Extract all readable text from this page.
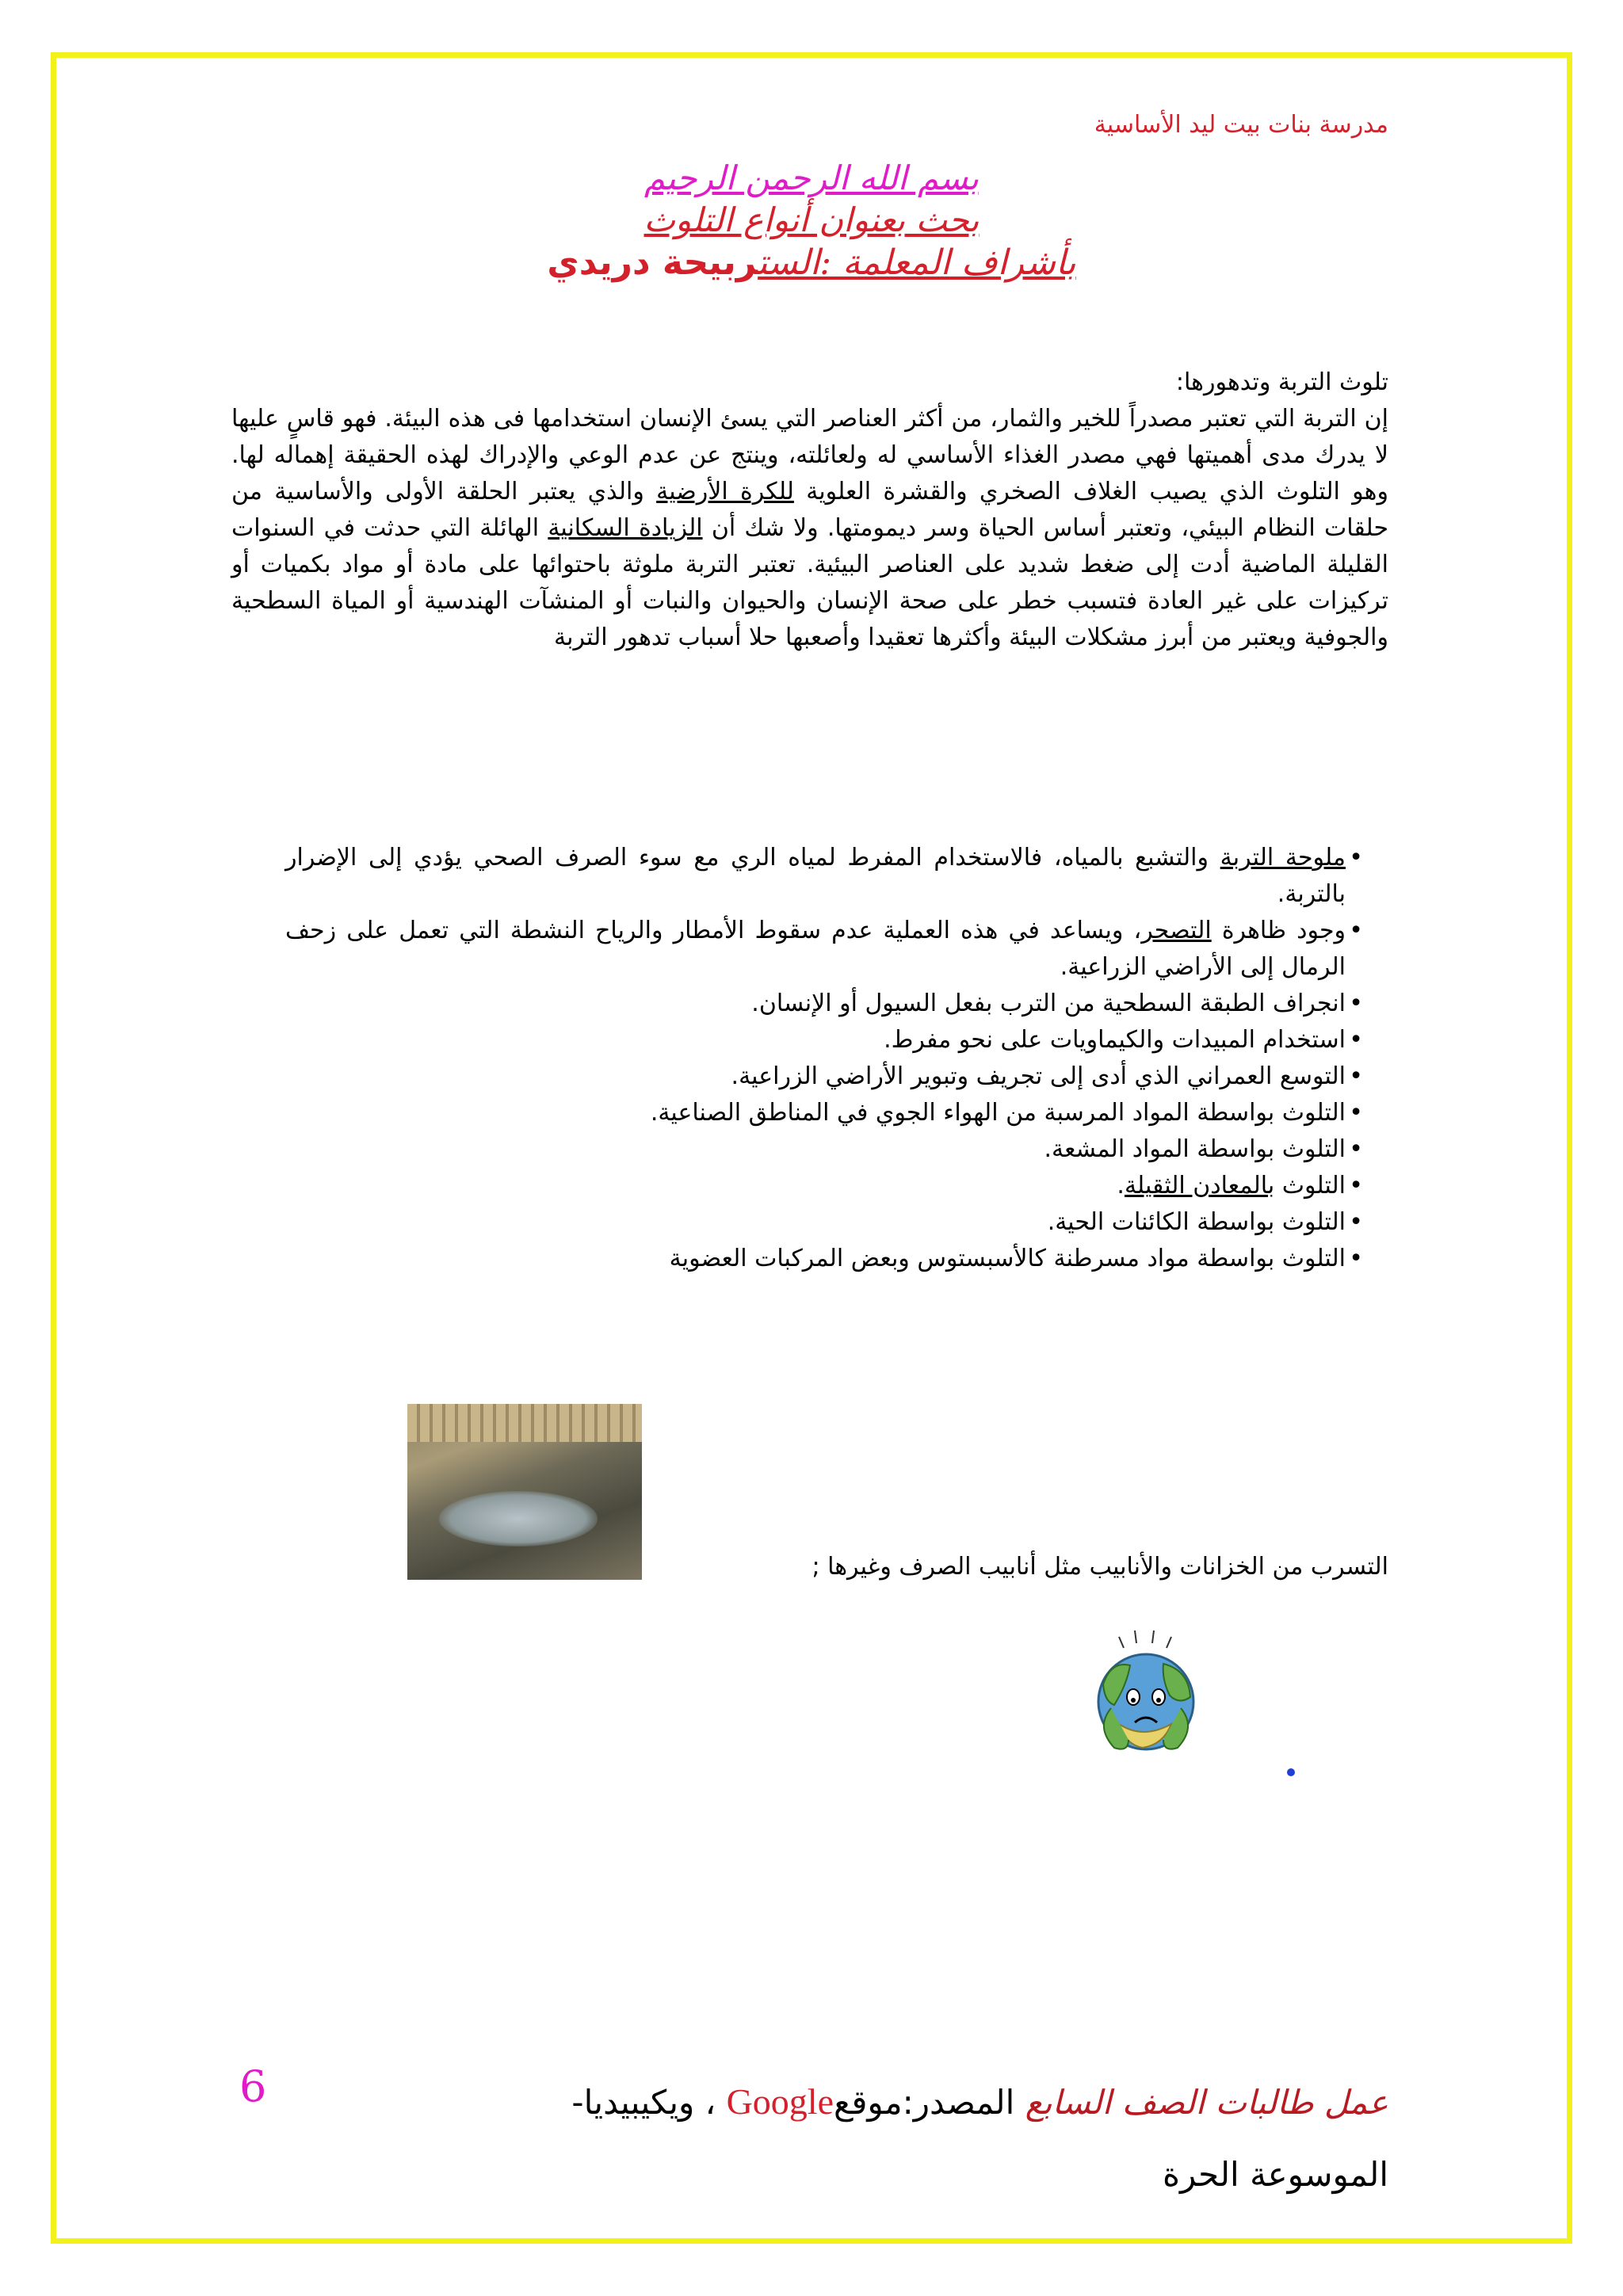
مدرسة بنات بيت ليد الأساسية
بسم الله الرحمن الرحيم
بحث بعنوان أنواع التلوث
بأشراف المعلمة :الستربيحة دريدي

تلوث التربة وتدهورها:

إن التربة التي تعتبر مصدراً للخير والثمار، من أكثر العناصر التي يسئ الإنسان استخدامها فى هذه البيئة. فهو قاسٍ عليها لا يدرك مدى أهميتها فهي مصدر الغذاء الأساسي له ولعائلته، وينتج عن عدم الوعي والإدراك لهذه الحقيقة إهماله لها. وهو التلوث الذي يصيب الغلاف الصخري والقشرة العلوية للكرة الأرضية والذي يعتبر الحلقة الأولى والأساسية من حلقات النظام البيئي، وتعتبر أساس الحياة وسر ديمومتها. ولا شك أن الزيادة السكانية الهائلة التي حدثت في السنوات القليلة الماضية أدت إلى ضغط شديد على العناصر البيئية. تعتبر التربة ملوثة باحتوائها على مادة أو مواد بكميات أو تركيزات على غير العادة فتسبب خطر على صحة الإنسان والحيوان والنبات أو المنشآت الهندسية أو المياة السطحية والجوفية ويعتبر من أبرز مشكلات البيئة وأكثرها تعقيدا وأصعبها حلا أسباب تدهور التربة

• ملوحة التربة والتشبع بالمياه، فالاستخدام المفرط لمياه الري مع سوء الصرف الصحي يؤدي إلى الإضرار بالتربة.
• وجود ظاهرة التصحر، ويساعد في هذه العملية عدم سقوط الأمطار والرياح النشطة التي تعمل على زحف الرمال إلى الأراضي الزراعية.
• انجراف الطبقة السطحية من الترب بفعل السيول أو الإنسان.
• استخدام المبيدات والكيماويات على نحو مفرط.
• التوسع العمراني الذي أدى إلى تجريف وتبوير الأراضي الزراعية.
• التلوث بواسطة المواد المرسبة من الهواء الجوي في المناطق الصناعية.
• التلوث بواسطة المواد المشعة.
• التلوث بالمعادن الثقيلة.
• التلوث بواسطة الكائنات الحية.
• التلوث بواسطة مواد مسرطنة كالأسبستوس وبعض المركبات العضوية
التسرب من الخزانات والأنابيب مثل أنابيب الصرف وغيرها ;
6	عمل طالبات الصف السابع المصدر:موقعGoogle ، ويكيبيديا-
الموسوعة الحرة
